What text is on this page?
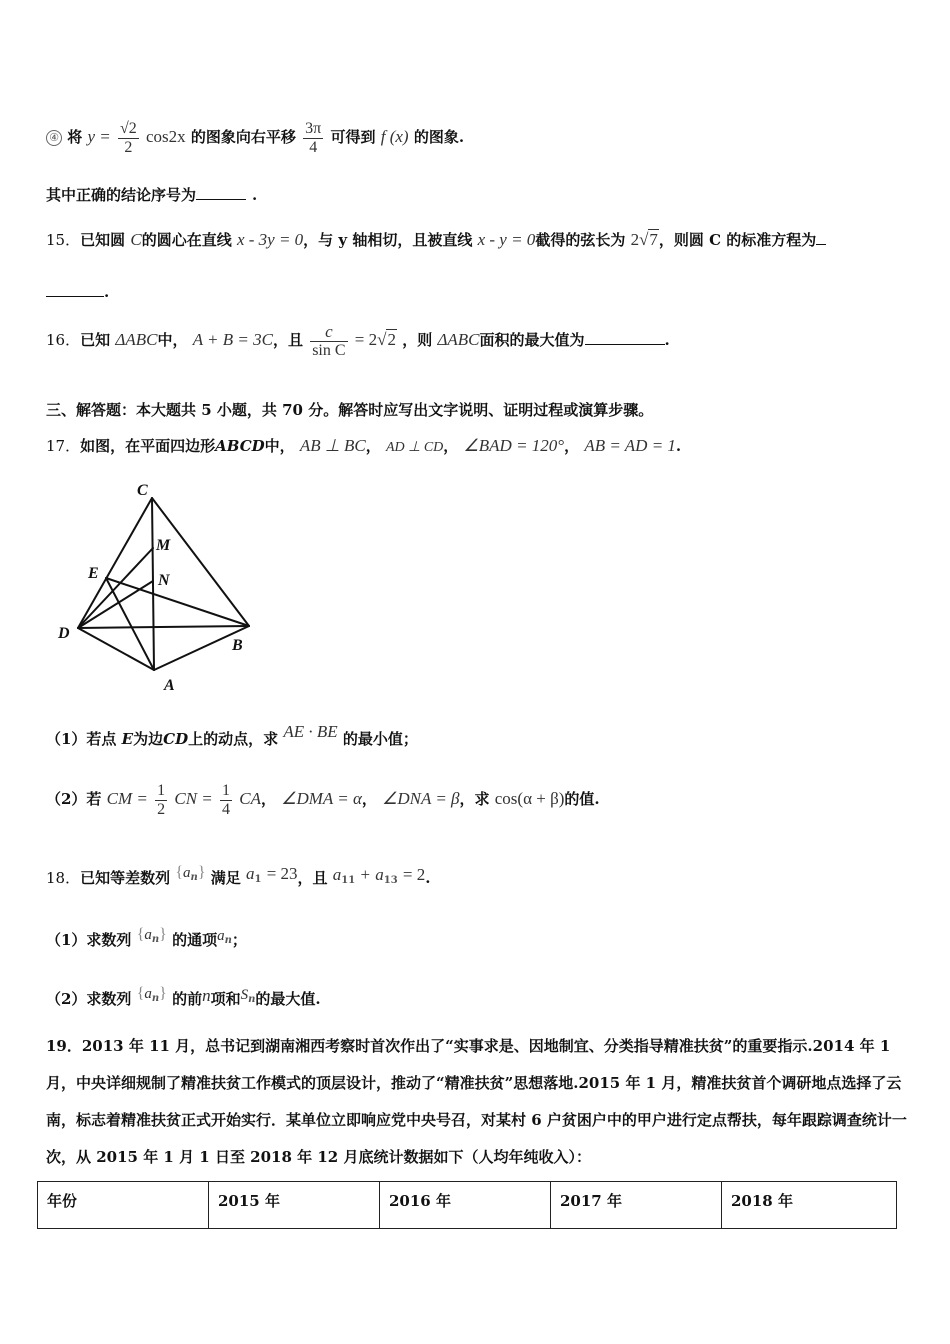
④ 将 $y = \frac{√2}{2} \cos 2x$ 的图象向右平移 $\frac{3\pi}{4}$ 可得到 f (x) 的图象.
其中正确的结论序号为	.
15．已知圆 C的圆心在直线 x - 3y = 0，与 y 轴相切，且被直线 x - y = 0截得的弦长为 2√7，则圆 C 的标准方程为
.
16．已知 ΔABC中， A + B = 3C，且 $\frac{c}{\text{sin C}} = 2√2$ ，则 ΔABC面积的最大值为	.
三、解答题：本大题共 5 小题，共 70 分。解答时应写出文字说明、证明过程或演算步骤。
17．如图，在平面四边形ABCD中， AB ⊥ BC， AD ⊥ CD， ∠BAD = 120°， AB = AD = 1.
C
M
E	N
D
B
A
（1）若点 E为边CD上的动点，求 AE · BE 的最小值；
（2）若 CM = $\frac{1}{2}$ CN = $\frac{1}{4}$ CA， ∠DMA = α， ∠DNA = β，求 cos(α + β)的值.
18．已知等差数列 $\{a_n\}$ 满足 $a_1 = 23$，且 $a_{11} + a_{13} = 2$.
（1）求数列 $\{a_n\}$ 的通项$a_n$；
（2）求数列 $\{a_n\}$ 的前n项和$S_n$的最大值.
19．2013 年 11 月，总书记到湖南湘西考察时首次作出了“实事求是、因地制宜、分类指导精准扶贫”的重要指示.2014 年 1 月，中央详细规制了精准扶贫工作模式的顶层设计，推动了“精准扶贫”思想落地.2015 年 1 月，精准扶贫首个调研地点选择了云南，标志着精准扶贫正式开始实行．某单位立即响应党中央号召，对某村 6 户贫困户中的甲户进行定点帮扶，每年跟踪调查统计一次，从 2015 年 1 月 1 日至 2018 年 12 月底统计数据如下（人均年纯收入）：
年份	2015 年	2016 年	2017 年	2018 年
